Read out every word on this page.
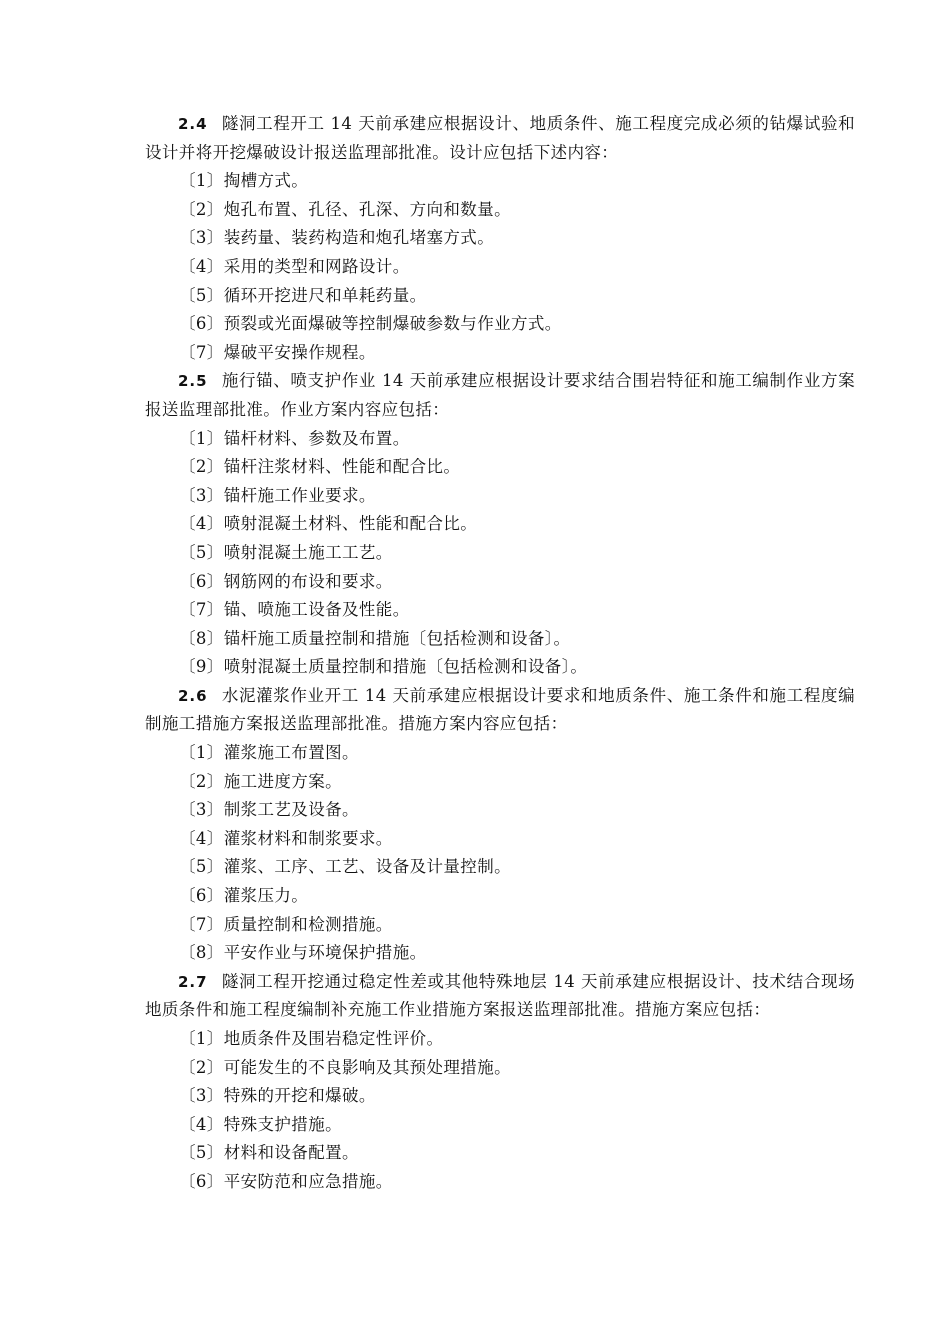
2.4 隧洞工程开工 14 天前承建应根据设计、地质条件、施工程度完成必须的钻爆试验和设计并将开挖爆破设计报送监理部批准。设计应包括下述内容：

〔1〕掏槽方式。
〔2〕炮孔布置、孔径、孔深、方向和数量。
〔3〕装药量、装药构造和炮孔堵塞方式。
〔4〕采用的类型和网路设计。
〔5〕循环开挖进尺和单耗药量。
〔6〕预裂或光面爆破等控制爆破参数与作业方式。
〔7〕爆破平安操作规程。

2.5 施行锚、喷支护作业 14 天前承建应根据设计要求结合围岩特征和施工编制作业方案报送监理部批准。作业方案内容应包括：

〔1〕锚杆材料、参数及布置。
〔2〕锚杆注浆材料、性能和配合比。
〔3〕锚杆施工作业要求。
〔4〕喷射混凝土材料、性能和配合比。
〔5〕喷射混凝土施工工艺。
〔6〕钢筋网的布设和要求。
〔7〕锚、喷施工设备及性能。
〔8〕锚杆施工质量控制和措施〔包括检测和设备〕。
〔9〕喷射混凝土质量控制和措施〔包括检测和设备〕。

2.6 水泥灌浆作业开工 14 天前承建应根据设计要求和地质条件、施工条件和施工程度编制施工措施方案报送监理部批准。措施方案内容应包括：

〔1〕灌浆施工布置图。
〔2〕施工进度方案。
〔3〕制浆工艺及设备。
〔4〕灌浆材料和制浆要求。
〔5〕灌浆、工序、工艺、设备及计量控制。
〔6〕灌浆压力。
〔7〕质量控制和检测措施。
〔8〕平安作业与环境保护措施。

2.7 隧洞工程开挖通过稳定性差或其他特殊地层 14 天前承建应根据设计、技术结合现场地质条件和施工程度编制补充施工作业措施方案报送监理部批准。措施方案应包括：

〔1〕地质条件及围岩稳定性评价。
〔2〕可能发生的不良影响及其预处理措施。
〔3〕特殊的开挖和爆破。
〔4〕特殊支护措施。
〔5〕材料和设备配置。
〔6〕平安防范和应急措施。
